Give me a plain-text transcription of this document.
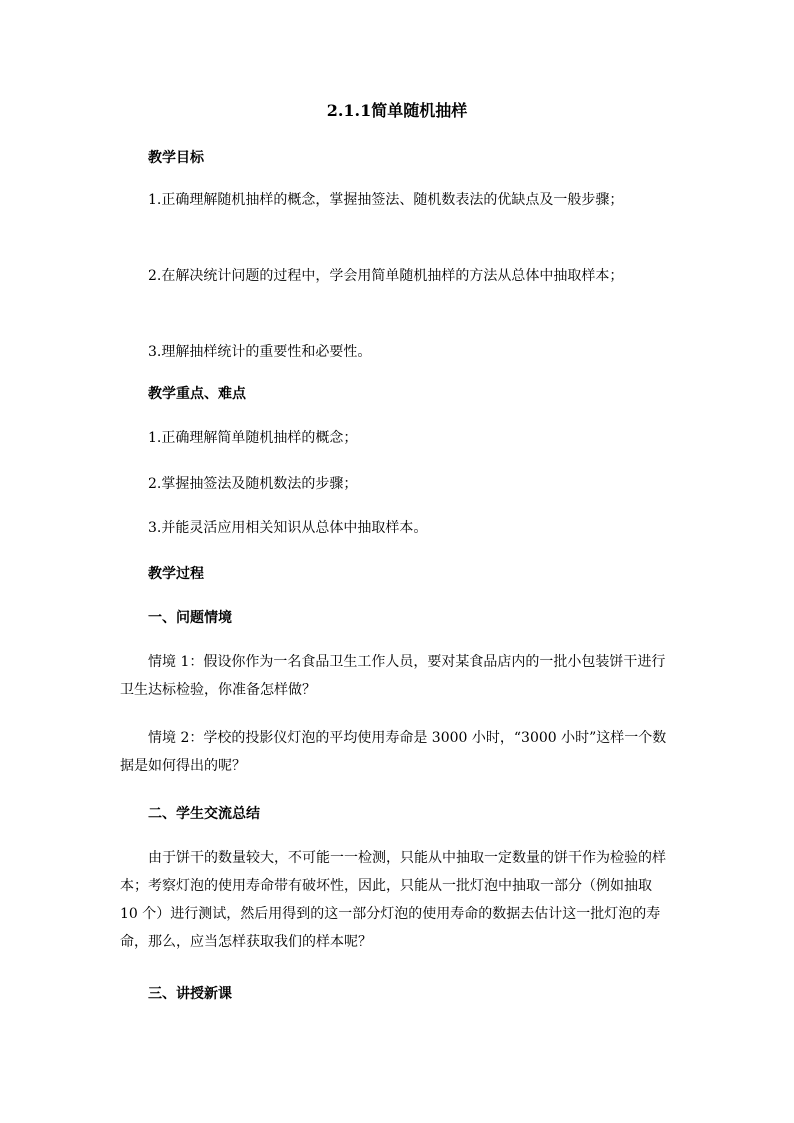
2.1.1简单随机抽样

教学目标

1.正确理解随机抽样的概念，掌握抽签法、随机数表法的优缺点及一般步骤；

2.在解决统计问题的过程中，学会用简单随机抽样的方法从总体中抽取样本；

3.理解抽样统计的重要性和必要性。

教学重点、难点

1.正确理解简单随机抽样的概念；

2.掌握抽签法及随机数法的步骤；

3.并能灵活应用相关知识从总体中抽取样本。

教学过程

一、问题情境

情境 1：假设你作为一名食品卫生工作人员，要对某食品店内的一批小包装饼干进行卫生达标检验，你准备怎样做？

情境 2：学校的投影仪灯泡的平均使用寿命是 3000 小时，“3000 小时”这样一个数据是如何得出的呢？

二、学生交流总结

由于饼干的数量较大，不可能一一检测，只能从中抽取一定数量的饼干作为检验的样本；考察灯泡的使用寿命带有破坏性，因此，只能从一批灯泡中抽取一部分（例如抽取 10 个）进行测试，然后用得到的这一部分灯泡的使用寿命的数据去估计这一批灯泡的寿命，那么，应当怎样获取我们的样本呢？

三、讲授新课
